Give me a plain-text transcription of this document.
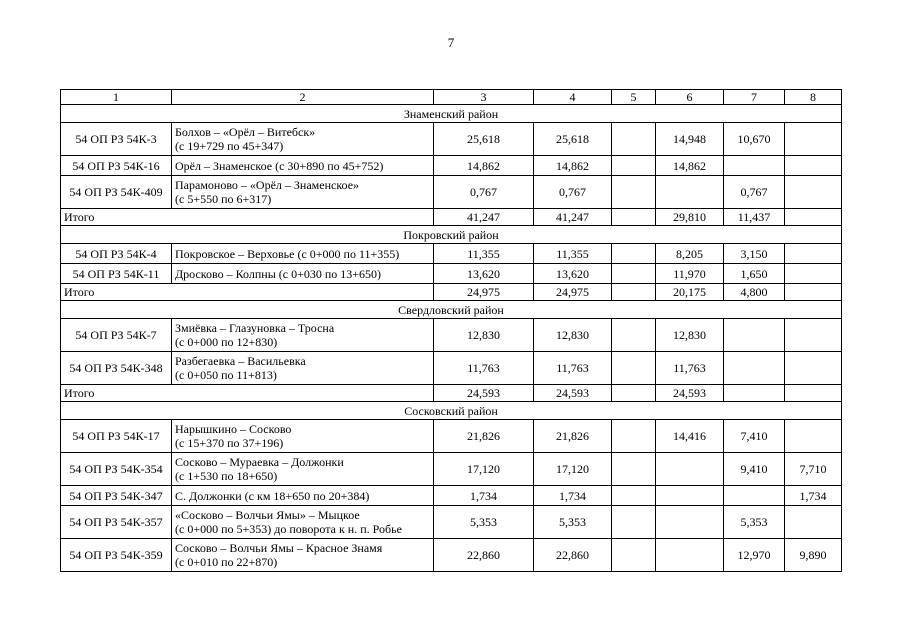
7
1	2	3	4	5	6	7	8
Знаменский район							
54 ОП РЗ 54К-3	Болхов – «Орёл – Витебск»
(с 19+729 по 45+347)	25,618	25,618		14,948	10,670	
54 ОП РЗ 54К-16	Орёл – Знаменское (с 30+890 по 45+752)	14,862	14,862		14,862		
54 ОП РЗ 54К-409	Парамоново – «Орёл – Знаменское»
(с 5+550 по 6+317)	0,767	0,767			0,767	
Итого		41,247	41,247		29,810	11,437	
Покровский район							
54 ОП РЗ 54К-4	Покровское – Верховье (с 0+000 по 11+355)	11,355	11,355		8,205	3,150	
54 ОП РЗ 54К-11	Дросково – Колпны (с 0+030 по 13+650)	13,620	13,620		11,970	1,650	
Итого		24,975	24,975		20,175	4,800	
Свердловский район							
54 ОП РЗ 54К-7	Змиёвка – Глазуновка – Тросна
(с 0+000 по 12+830)	12,830	12,830		12,830		
54 ОП РЗ 54К-348	Разбегаевка – Васильевка
(с 0+050 по 11+813)	11,763	11,763		11,763		
Итого		24,593	24,593		24,593		
Сосковский район							
54 ОП РЗ 54К-17	Нарышкино – Сосково
(с 15+370 по 37+196)	21,826	21,826		14,416	7,410	
54 ОП РЗ 54К-354	Сосково – Мураевка – Должонки
(с 1+530 по 18+650)	17,120	17,120			9,410	7,710
54 ОП РЗ 54К-347	С. Должонки (с км 18+650 по 20+384)	1,734	1,734				1,734
54 ОП РЗ 54К-357	«Сосково – Волчьи Ямы» – Мыцкое
(с 0+000 по 5+353) до поворота к н. п. Робье	5,353	5,353			5,353	
54 ОП РЗ 54К-359	Сосково – Волчьи Ямы – Красное Знамя
(с 0+010 по 22+870)	22,860	22,860			12,970	9,890
